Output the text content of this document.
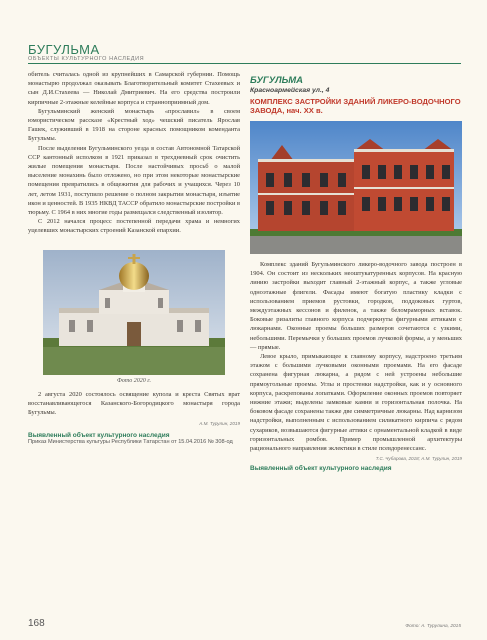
БУГУЛЬМА
ОБЪЕКТЫ КУЛЬТУРНОГО НАСЛЕДИЯ

обитель считалась одной из крупнейших в Самарской губернии. Помощь монастырю продолжал оказывать Благотворительный комитет Стахеевых и сын Д.И.Стахеева — Николай Дмитриевич. На его средства построили кирпичные 2-этажные келейные корпуса и странноприимный дом.

Бугульминский женский монастырь «прославил» в своем юмористическом рассказе «Крестный ход» чешский писатель Ярослав Гашек, служивший в 1918 на стороне красных помощником коменданта Бугульмы.

После выделения Бугульминского уезда в состав Автономной Татарской ССР кантонный исполком в 1921 приказал в трехдневный срок очистить жилые помещения монастыря. После настойчивых просьб о малой выселение монахинь было отложено, но при этом некоторые монастырские помещения превратились в общежития для рабочих и учащихся. Через 10 лет, летом 1931, поступило решение о полном закрытии монастыря, изъятие икон и ценностей. В 1935 НКВД ТАССР обратило монастырские постройки в тюрьму. С 1964 в них многие годы размещался следственный изолятор.

С 2012 начался процесс постепенной передачи храма и немногих уцелевших монастырских строений Казанской епархии.

Фото 2020 г.

2 августа 2020 состоялось освящение купола и креста Святых врат восстанавливающегося Казанского-Богородицкого монастыря города Бугульмы.

А.М. Турулин, 2019
Выявленный объект культурного наследия
Приказ Министерства культуры Республики Татарстан от 15.04.2016 № 308-од
БУГУЛЬМА
Красноармейская ул., 4
КОМПЛЕКС ЗАСТРОЙКИ ЗДАНИЙ ЛИКЕРО-ВОДОЧНОГО ЗАВОДА, нач. XX в.

Комплекс зданий Бугульминского ликеро-водочного завода построен в 1904. Он состоит из нескольких неоштукатуренных корпусов. На красную линию застройки выходит главный 2-этажный корпус, а также угловые одноэтажные флигели. Фасады имеют богатую пластику кладки с использованием приемов рустовки, городков, поддоковых гуртов, междуэтажных кессонов и филенок, а также беломраморных вставок. Боковые ризалиты главного корпуса подчеркнуты фигурными аттиками с люкарнами. Оконные проемы больших размеров сочетаются с узкими, небольшими. Перемычки у больших проемов лучковой формы, а у меньших — прямые.

Левое крыло, примыкающее к главному корпусу, надстроено третьим этажом с большими лучковыми оконными проемами. На его фасаде сохранена фигурная люкарна, а рядом с ней устроены небольшие прямоугольные проемы. Углы и простенки надстройки, как и у основного корпуса, раскрепованы лопатками. Оформление оконных проемов повторяет нижние этажи; выделены замковые камни и горизонтальная полочка. На боковом фасаде сохранены также две симметричные люкарны. Над карнизом надстройки, выполненным с использованием силикатного кирпича с рядом сухариков, возвышаются фигурные аттики с орнаментальной кладкой в виде горизонтальных ромбов. Пример промышленной архитектуры рационального направления эклектики в стиле псевдоренессанс.

Т.С. Чубарова, 2018; А.М. Турулин, 2019
Выявленный объект культурного наследия
168	Фото: А. Турулина, 2015
